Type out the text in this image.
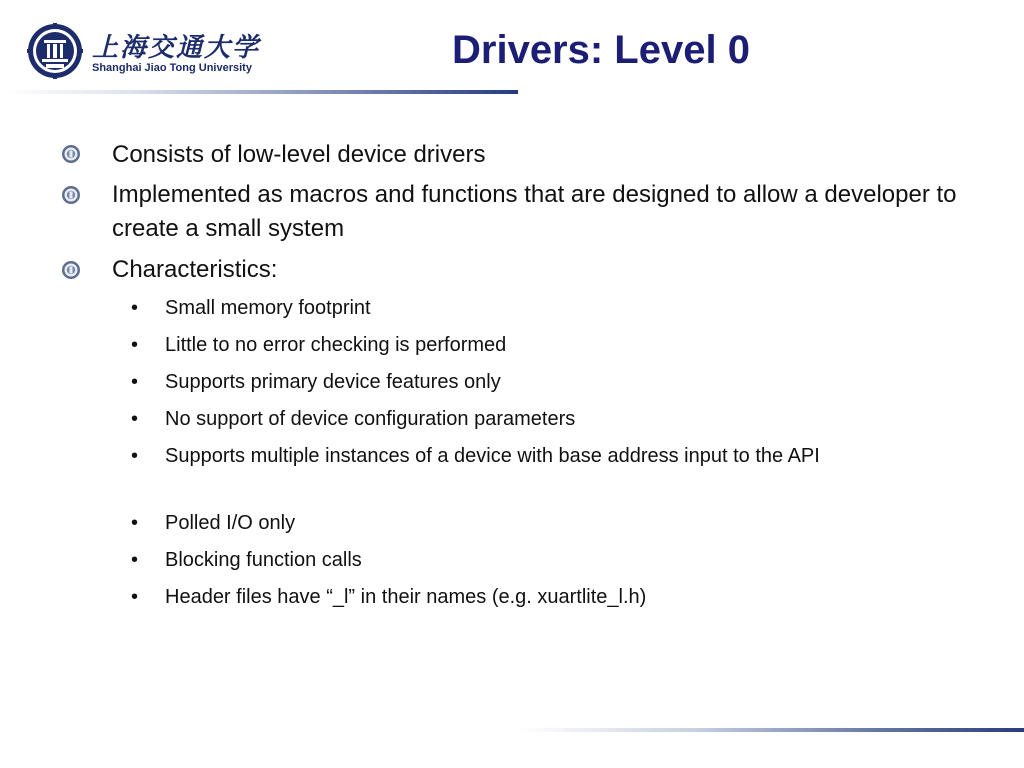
上海交通大学
Shanghai Jiao Tong University	Drivers: Level 0
Consists of low-level device drivers
Implemented as macros and functions that are designed to allow a developer to create a small system
Characteristics:
• Small memory footprint
• Little to no error checking is performed
• Supports primary device features only
• No support of device configuration parameters
• Supports multiple instances of a device with base address input to the API
• Polled I/O only
• Blocking function calls
• Header files have “_l” in their names (e.g. xuartlite_l.h)
